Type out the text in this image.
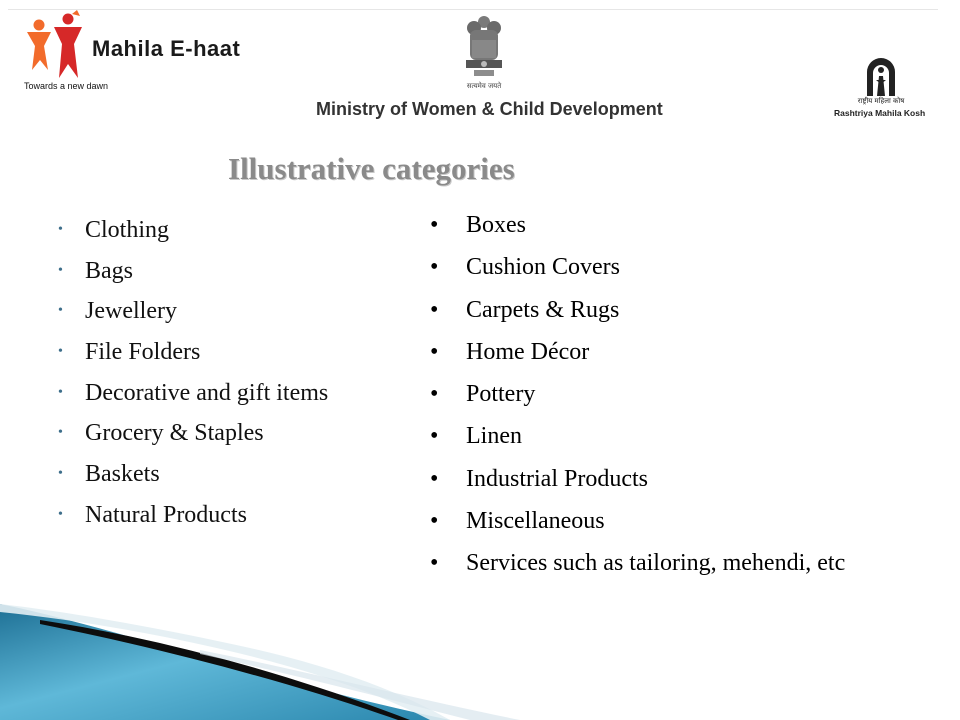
Mahila E-haat
Towards a new dawn	सत्यमेव जयते
Ministry of Women & Child Development	राष्ट्रीय महिला कोष
Rashtriya Mahila Kosh
Illustrative categories
• Clothing
• Bags
• Jewellery
• File Folders
• Decorative and gift items
• Grocery & Staples
• Baskets
• Natural Products
• Boxes
• Cushion Covers
• Carpets & Rugs
• Home Décor
• Pottery
• Linen
• Industrial Products
• Miscellaneous
• Services such as tailoring, mehendi, etc
